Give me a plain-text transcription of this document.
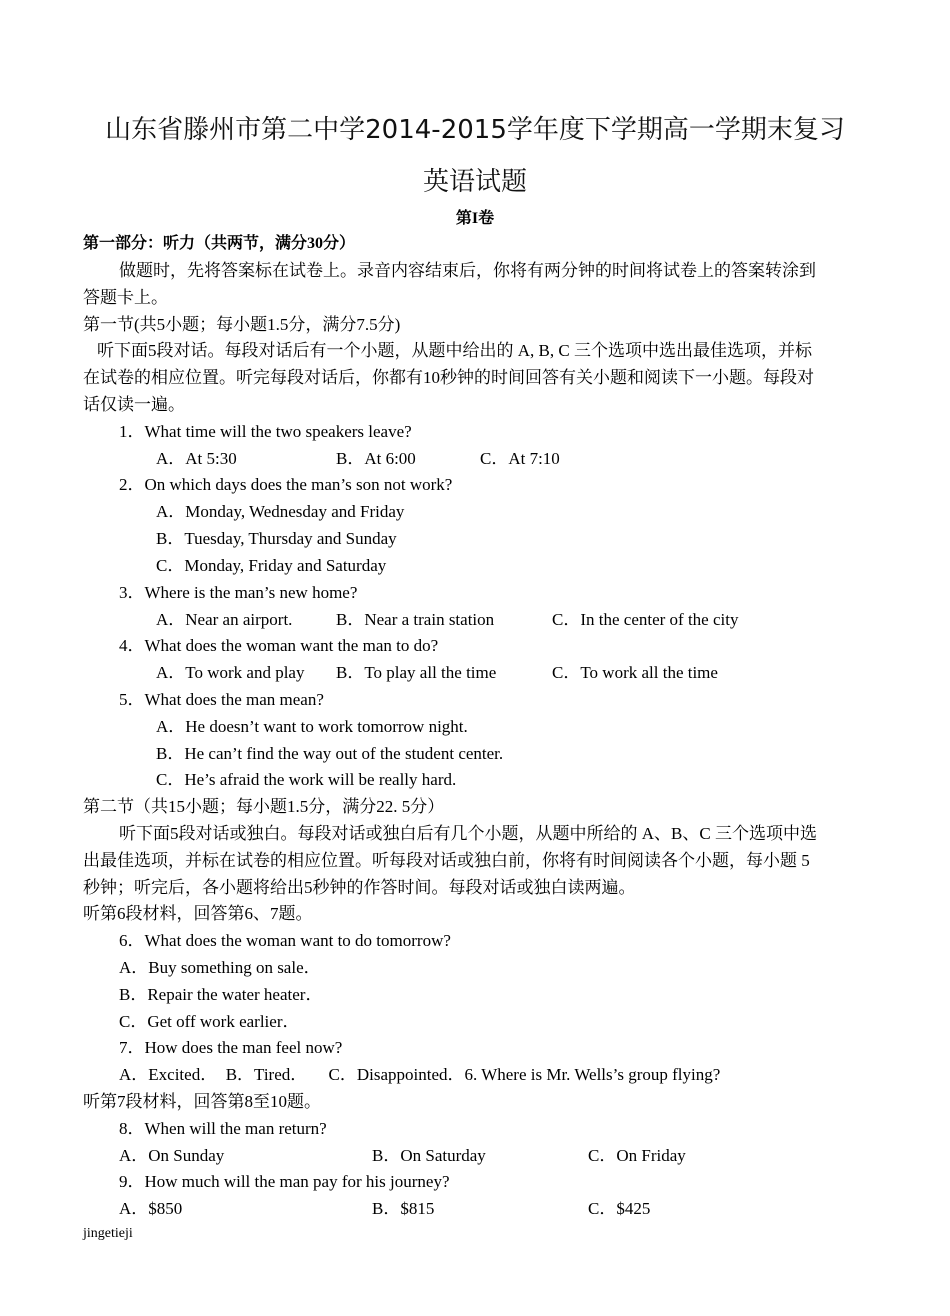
山东省滕州市第二中学2014-2015学年度下学期高一学期末复习
英语试题
第I卷
第一部分：听力（共两节，满分30分）
做题时，先将答案标在试卷上。录音内容结束后，你将有两分钟的时间将试卷上的答案转涂到
答题卡上。
第一节(共5小题；每小题1.5分，满分7.5分)
听下面5段对话。每段对话后有一个小题，从题中给出的 A, B, C 三个选项中选出最佳选项，并标
在试卷的相应位置。听完每段对话后，你都有10秒钟的时间回答有关小题和阅读下一小题。每段对
话仅读一遍。
1．What time will the two speakers leave?
A．At 5:30	B．At 6:00	C．At 7:10
2．On which days does the man’s son not work?
A．Monday, Wednesday and Friday
B．Tuesday, Thursday and Sunday
C．Monday, Friday and Saturday
3．Where is the man’s new home?
A．Near an airport.	B．Near a train station	C．In the center of the city
4．What does the woman want the man to do?
A．To work and play B．To play all the time	C．To work all the time
5．What does the man mean?
A．He doesn’t want to work tomorrow night.
B．He can’t find the way out of the student center.
C．He’s afraid the work will be really hard.
第二节（共15小题；每小题1.5分，满分22. 5分）
听下面5段对话或独白。每段对话或独白后有几个小题，从题中所给的 A、B、C 三个选项中选
出最佳选项，并标在试卷的相应位置。听每段对话或独白前，你将有时间阅读各个小题，每小题 5
秒钟；听完后，各小题将给出5秒钟的作答时间。每段对话或独白读两遍。
听第6段材料，回答第6、7题。
6．What does the woman want to do tomorrow?
A．Buy something on sale．
B．Repair the water heater．
C．Get off work earlier．
7．How does the man feel now?
A．Excited．  B．Tired．     C．Disappointed．6. Where is Mr. Wells’s group flying?
听第7段材料，回答第8至10题。
8．When will the man return?
A．On Sunday	B．On Saturday	C．On Friday
9．How much will the man pay for his journey?
A．$850	B．$815	C．$425
jingetieji
